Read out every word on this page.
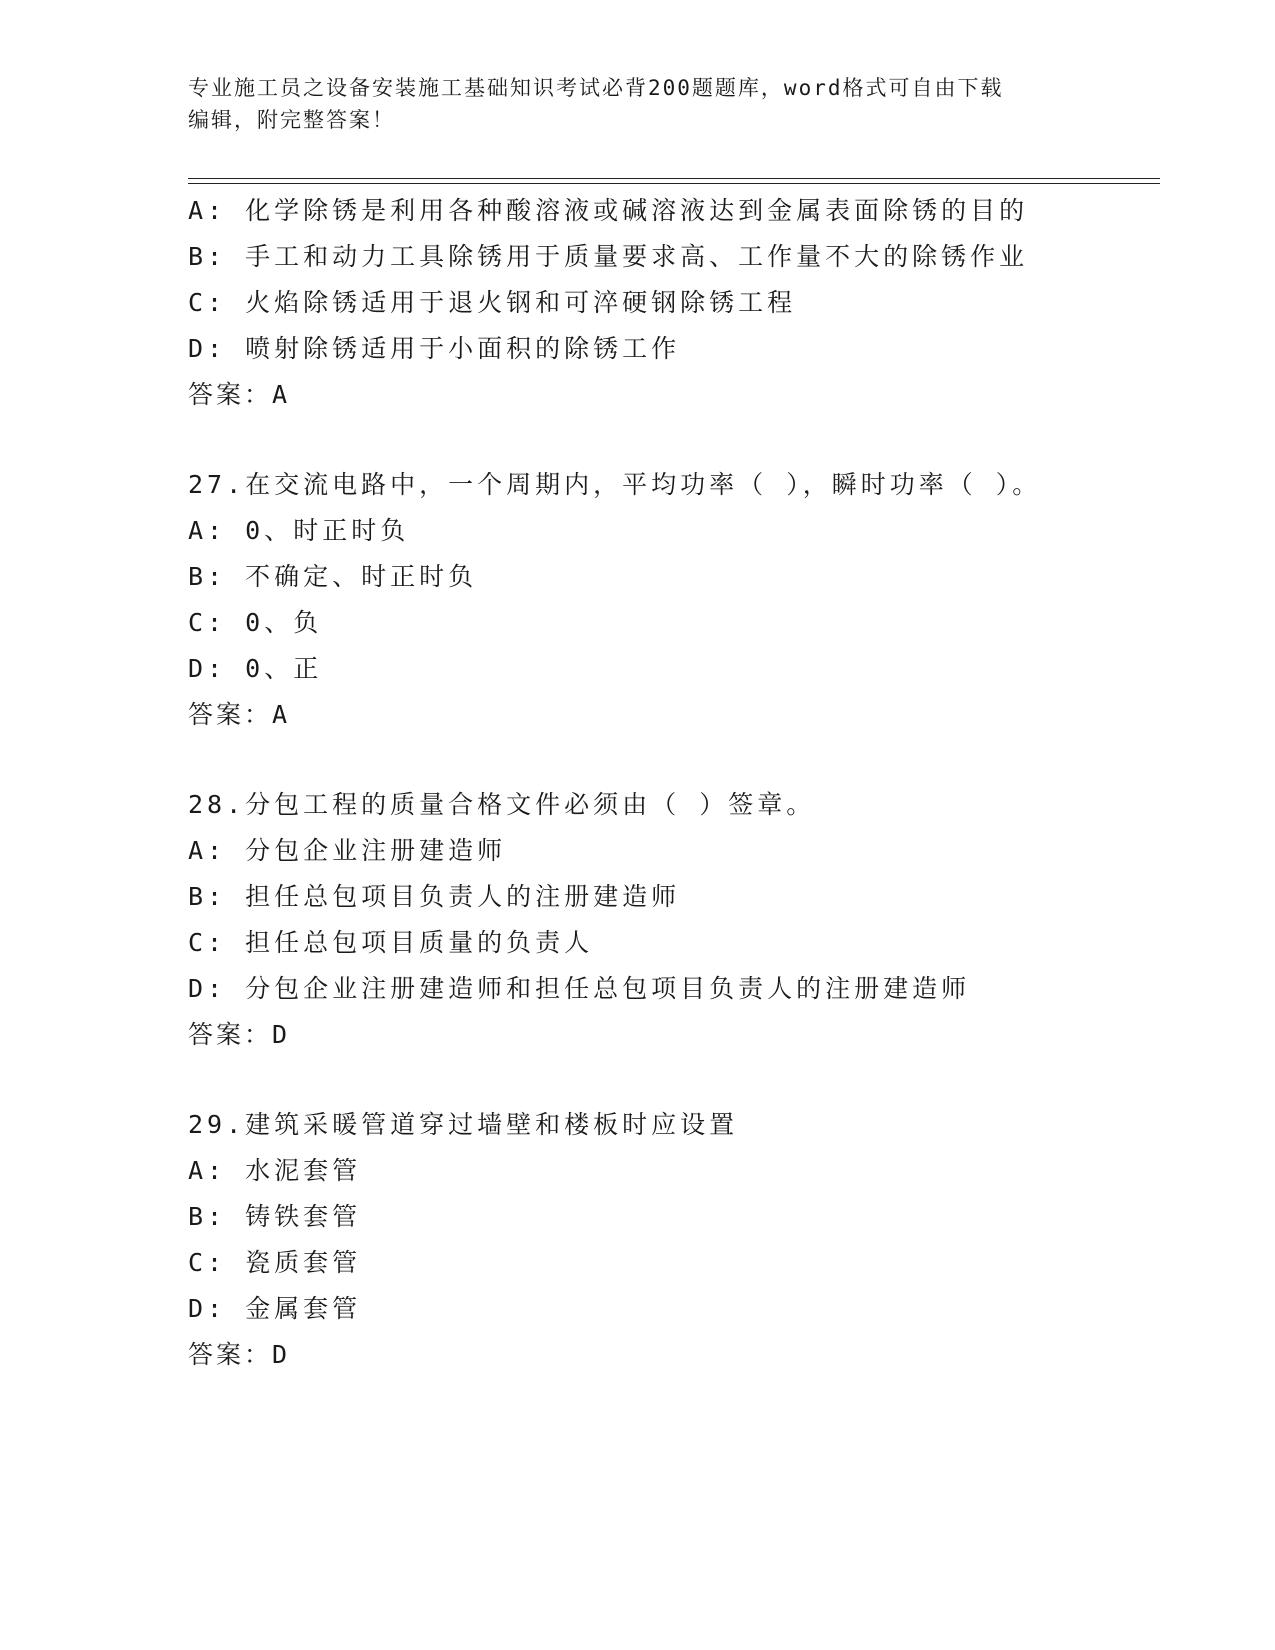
专业施工员之设备安装施工基础知识考试必背200题题库，word格式可自由下载
编辑，附完整答案！
A: 化学除锈是利用各种酸溶液或碱溶液达到金属表面除锈的目的
B: 手工和动力工具除锈用于质量要求高、工作量不大的除锈作业
C: 火焰除锈适用于退火钢和可淬硬钢除锈工程
D: 喷射除锈适用于小面积的除锈工作
答案：A
27.在交流电路中，一个周期内，平均功率（ ），瞬时功率（ ）。
A: 0、时正时负
B: 不确定、时正时负
C: 0、负
D: 0、正
答案：A
28.分包工程的质量合格文件必须由（ ）签章。
A: 分包企业注册建造师
B: 担任总包项目负责人的注册建造师
C: 担任总包项目质量的负责人
D: 分包企业注册建造师和担任总包项目负责人的注册建造师
答案：D
29.建筑采暖管道穿过墙壁和楼板时应设置
A: 水泥套管
B: 铸铁套管
C: 瓷质套管
D: 金属套管
答案：D
